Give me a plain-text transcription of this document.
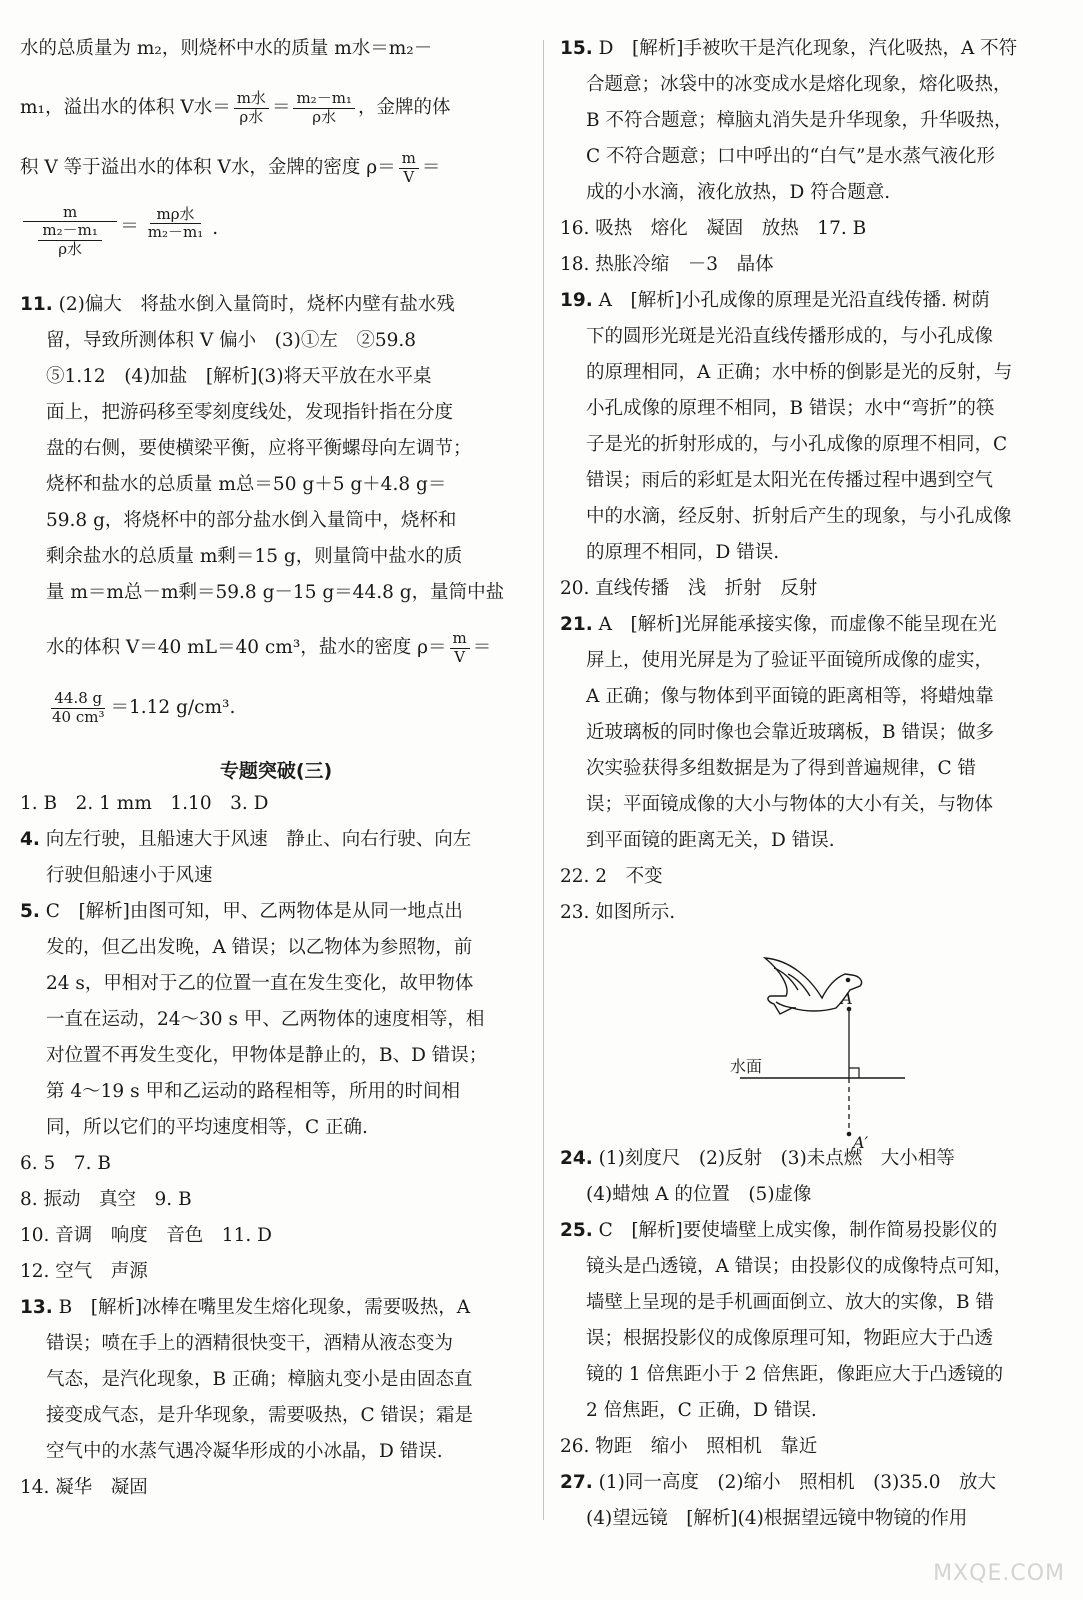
水的总质量为 m₂，则烧杯中水的质量 m水＝m₂－
m₁，溢出水的体积 V水＝ $\frac{\text{m水}}{\text{ρ水}} = \frac{\text{m₂－m₁}}{\text{ρ水}}$ ，金牌的体
积 V 等于溢出水的体积 V水，金牌的密度 $\rho= \frac{m}{V}$ ＝
m
m₂－m₁
ρ水 ＝ $\frac{\text{mρ水}}{\text{m₂－m₁}}$ .
11. (2)偏大　将盐水倒入量筒时，烧杯内壁有盐水残
留，导致所测体积 V 偏小　(3)①左　②59.8
⑤1.12　(4)加盐　[解析](3)将天平放在水平桌
面上，把游码移至零刻度线处，发现指针指在分度
盘的右侧，要使横梁平衡，应将平衡螺母向左调节；
烧杯和盐水的总质量 m总＝50 g＋5 g＋4.8 g＝
59.8 g，将烧杯中的部分盐水倒入量筒中，烧杯和
剩余盐水的总质量 m剩＝15 g，则量筒中盐水的质
量 m＝m总－m剩＝59.8 g－15 g＝44.8 g，量筒中盐
水的体积 V＝40 mL＝40 cm³，盐水的密度 $\rho= \frac{m}{V}$ ＝
$\frac{44.8 g}{\text{40 cm³}} =1.12$ g/cm³.
专题突破(三)
1. B　2. 1 mm　1.10　3. D
4. 向左行驶，且船速大于风速　静止、向右行驶、向左
行驶但船速小于风速
5. C　[解析]由图可知，甲、乙两物体是从同一地点出
发的，但乙出发晚，A 错误；以乙物体为参照物，前
24 s，甲相对于乙的位置一直在发生变化，故甲物体
一直在运动，24～30 s 甲、乙两物体的速度相等，相
对位置不再发生变化，甲物体是静止的，B、D 错误；
第 4～19 s 甲和乙运动的路程相等，所用的时间相
同，所以它们的平均速度相等，C 正确.
6. 5　7. B
8. 振动　真空　9. B
10. 音调　响度　音色　11. D
12. 空气　声源
13. B　[解析]冰棒在嘴里发生熔化现象，需要吸热，A
错误；喷在手上的酒精很快变干，酒精从液态变为
气态，是汽化现象，B 正确；樟脑丸变小是由固态直
接变成气态，是升华现象，需要吸热，C 错误；霜是
空气中的水蒸气遇冷凝华形成的小冰晶，D 错误.
14. 凝华　凝固
15. D　[解析]手被吹干是汽化现象，汽化吸热，A 不符
合题意；冰袋中的冰变成水是熔化现象，熔化吸热，
B 不符合题意；樟脑丸消失是升华现象，升华吸热，
C 不符合题意；口中呼出的“白气”是水蒸气液化形
成的小水滴，液化放热，D 符合题意.
16. 吸热　熔化　凝固　放热　17. B
18. 热胀冷缩　－3　晶体
19. A　[解析]小孔成像的原理是光沿直线传播. 树荫
下的圆形光斑是光沿直线传播形成的，与小孔成像
的原理相同，A 正确；水中桥的倒影是光的反射，与
小孔成像的原理不相同，B 错误；水中“弯折”的筷
子是光的折射形成的，与小孔成像的原理不相同，C
错误；雨后的彩虹是太阳光在传播过程中遇到空气
中的水滴，经反射、折射后产生的现象，与小孔成像
的原理不相同，D 错误.
20. 直线传播　浅　折射　反射
21. A　[解析]光屏能承接实像，而虚像不能呈现在光
屏上，使用光屏是为了验证平面镜所成像的虚实，
A 正确；像与物体到平面镜的距离相等，将蜡烛靠
近玻璃板的同时像也会靠近玻璃板，B 错误；做多
次实验获得多组数据是为了得到普遍规律，C 错
误；平面镜成像的大小与物体的大小有关，与物体
到平面镜的距离无关，D 错误.
22. 2　不变
23. 如图所示.
A
水面
A′
24. (1)刻度尺　(2)反射　(3)未点燃　大小相等
(4)蜡烛 A 的位置　(5)虚像
25. C　[解析]要使墙壁上成实像，制作简易投影仪的
镜头是凸透镜，A 错误；由投影仪的成像特点可知，
墙壁上呈现的是手机画面倒立、放大的实像，B 错
误；根据投影仪的成像原理可知，物距应大于凸透
镜的 1 倍焦距小于 2 倍焦距，像距应大于凸透镜的
2 倍焦距，C 正确，D 错误.
26. 物距　缩小　照相机　靠近
27. (1)同一高度　(2)缩小　照相机　(3)35.0　放大
(4)望远镜　[解析](4)根据望远镜中物镜的作用
MXQE.COM
